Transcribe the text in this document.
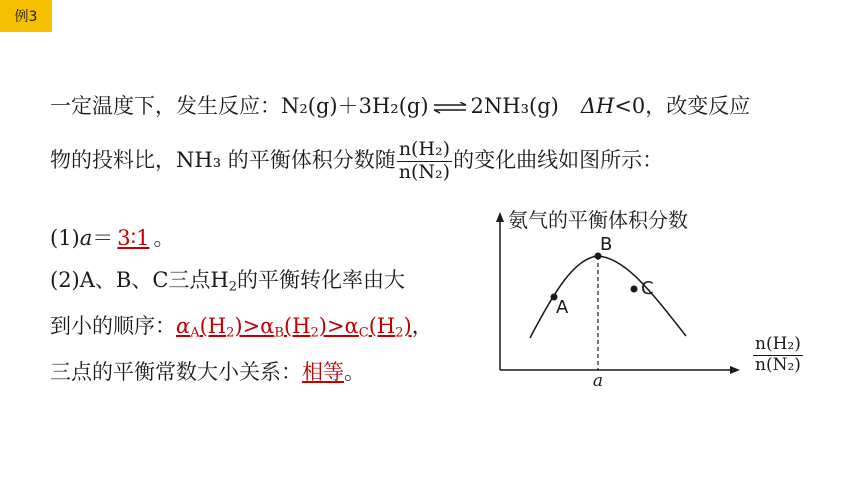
例3
一定温度下，发生反应：N₂(g)＋3H₂(g) ⇌ 2NH₃(g) ΔH<0，改变反应
物的投料比，NH₃ 的平衡体积分数随 $\frac{\text{n(H₂)}}{\text{n(N₂)}}$ 的变化曲线如图所示：
(1)a＝ 3∶1 。
(2)A、B、C三点$H_2$的平衡转化率由大
到小的顺序：$\alpha_A(H_2)>\alpha_B(H_2)>\alpha_C(H_2)$，
三点的平衡常数大小关系：相等。
氨气的平衡体积分数
a
A
B
C
$\frac{\text{n(H₂)}}{\text{n(N₂)}}$
